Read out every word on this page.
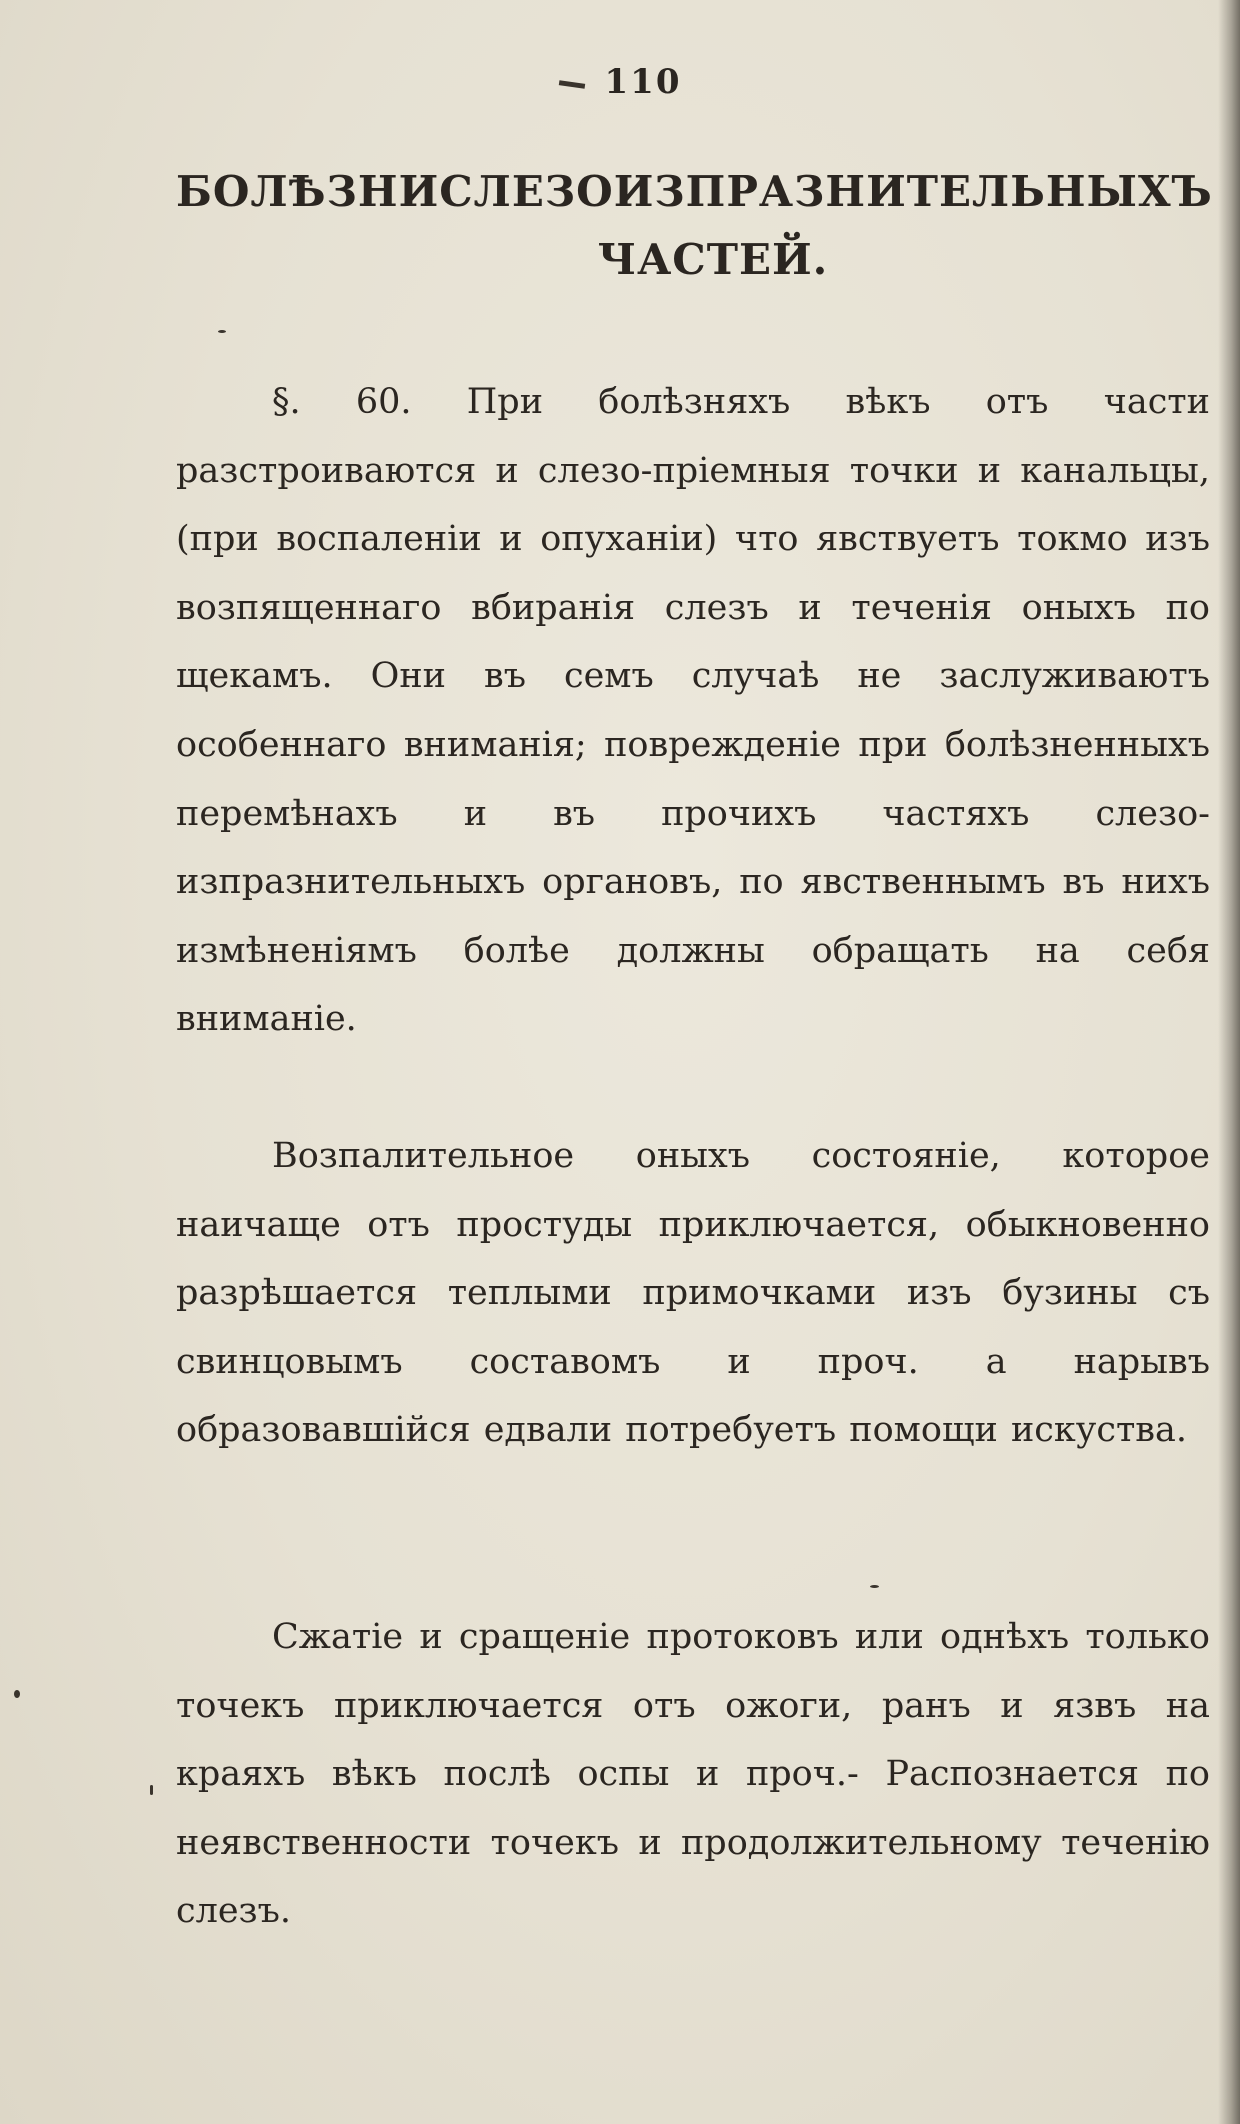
110
БОЛѢЗНИ СЛЕЗОИЗПРАЗНИТЕЛЬНЫХЪ
ЧАСТЕЙ.
§. 60. При болѣзняхъ вѣкъ отъ части разстроиваются и слезо-пріемныя точки и канальцы, (при воспаленіи и опуханіи) что явствуетъ токмо изъ возпященнаго вбиранія слезъ и теченія оныхъ по щекамъ. Они въ семъ случаѣ не заслуживаютъ особеннаго вниманія; поврежденіе при болѣзненныхъ перемѣнахъ и въ прочихъ частяхъ слезо-изпразнительныхъ органовъ, по явственнымъ въ нихъ измѣненіямъ болѣе должны обращать на себя вниманіе.
Возпалительное оныхъ состояніе, которое наичаще отъ простуды приключается, обыкновенно разрѣшается теплыми примочками изъ бузины съ свинцовымъ составомъ и проч. а нарывъ образовавшійся едвали потребуетъ помощи искуства.
Сжатіе и сращеніе протоковъ или однѣхъ только точекъ приключается отъ ожоги, ранъ и язвъ на краяхъ вѣкъ послѣ оспы и проч.- Распознается по неявственности точекъ и продолжительному теченію слезъ.
